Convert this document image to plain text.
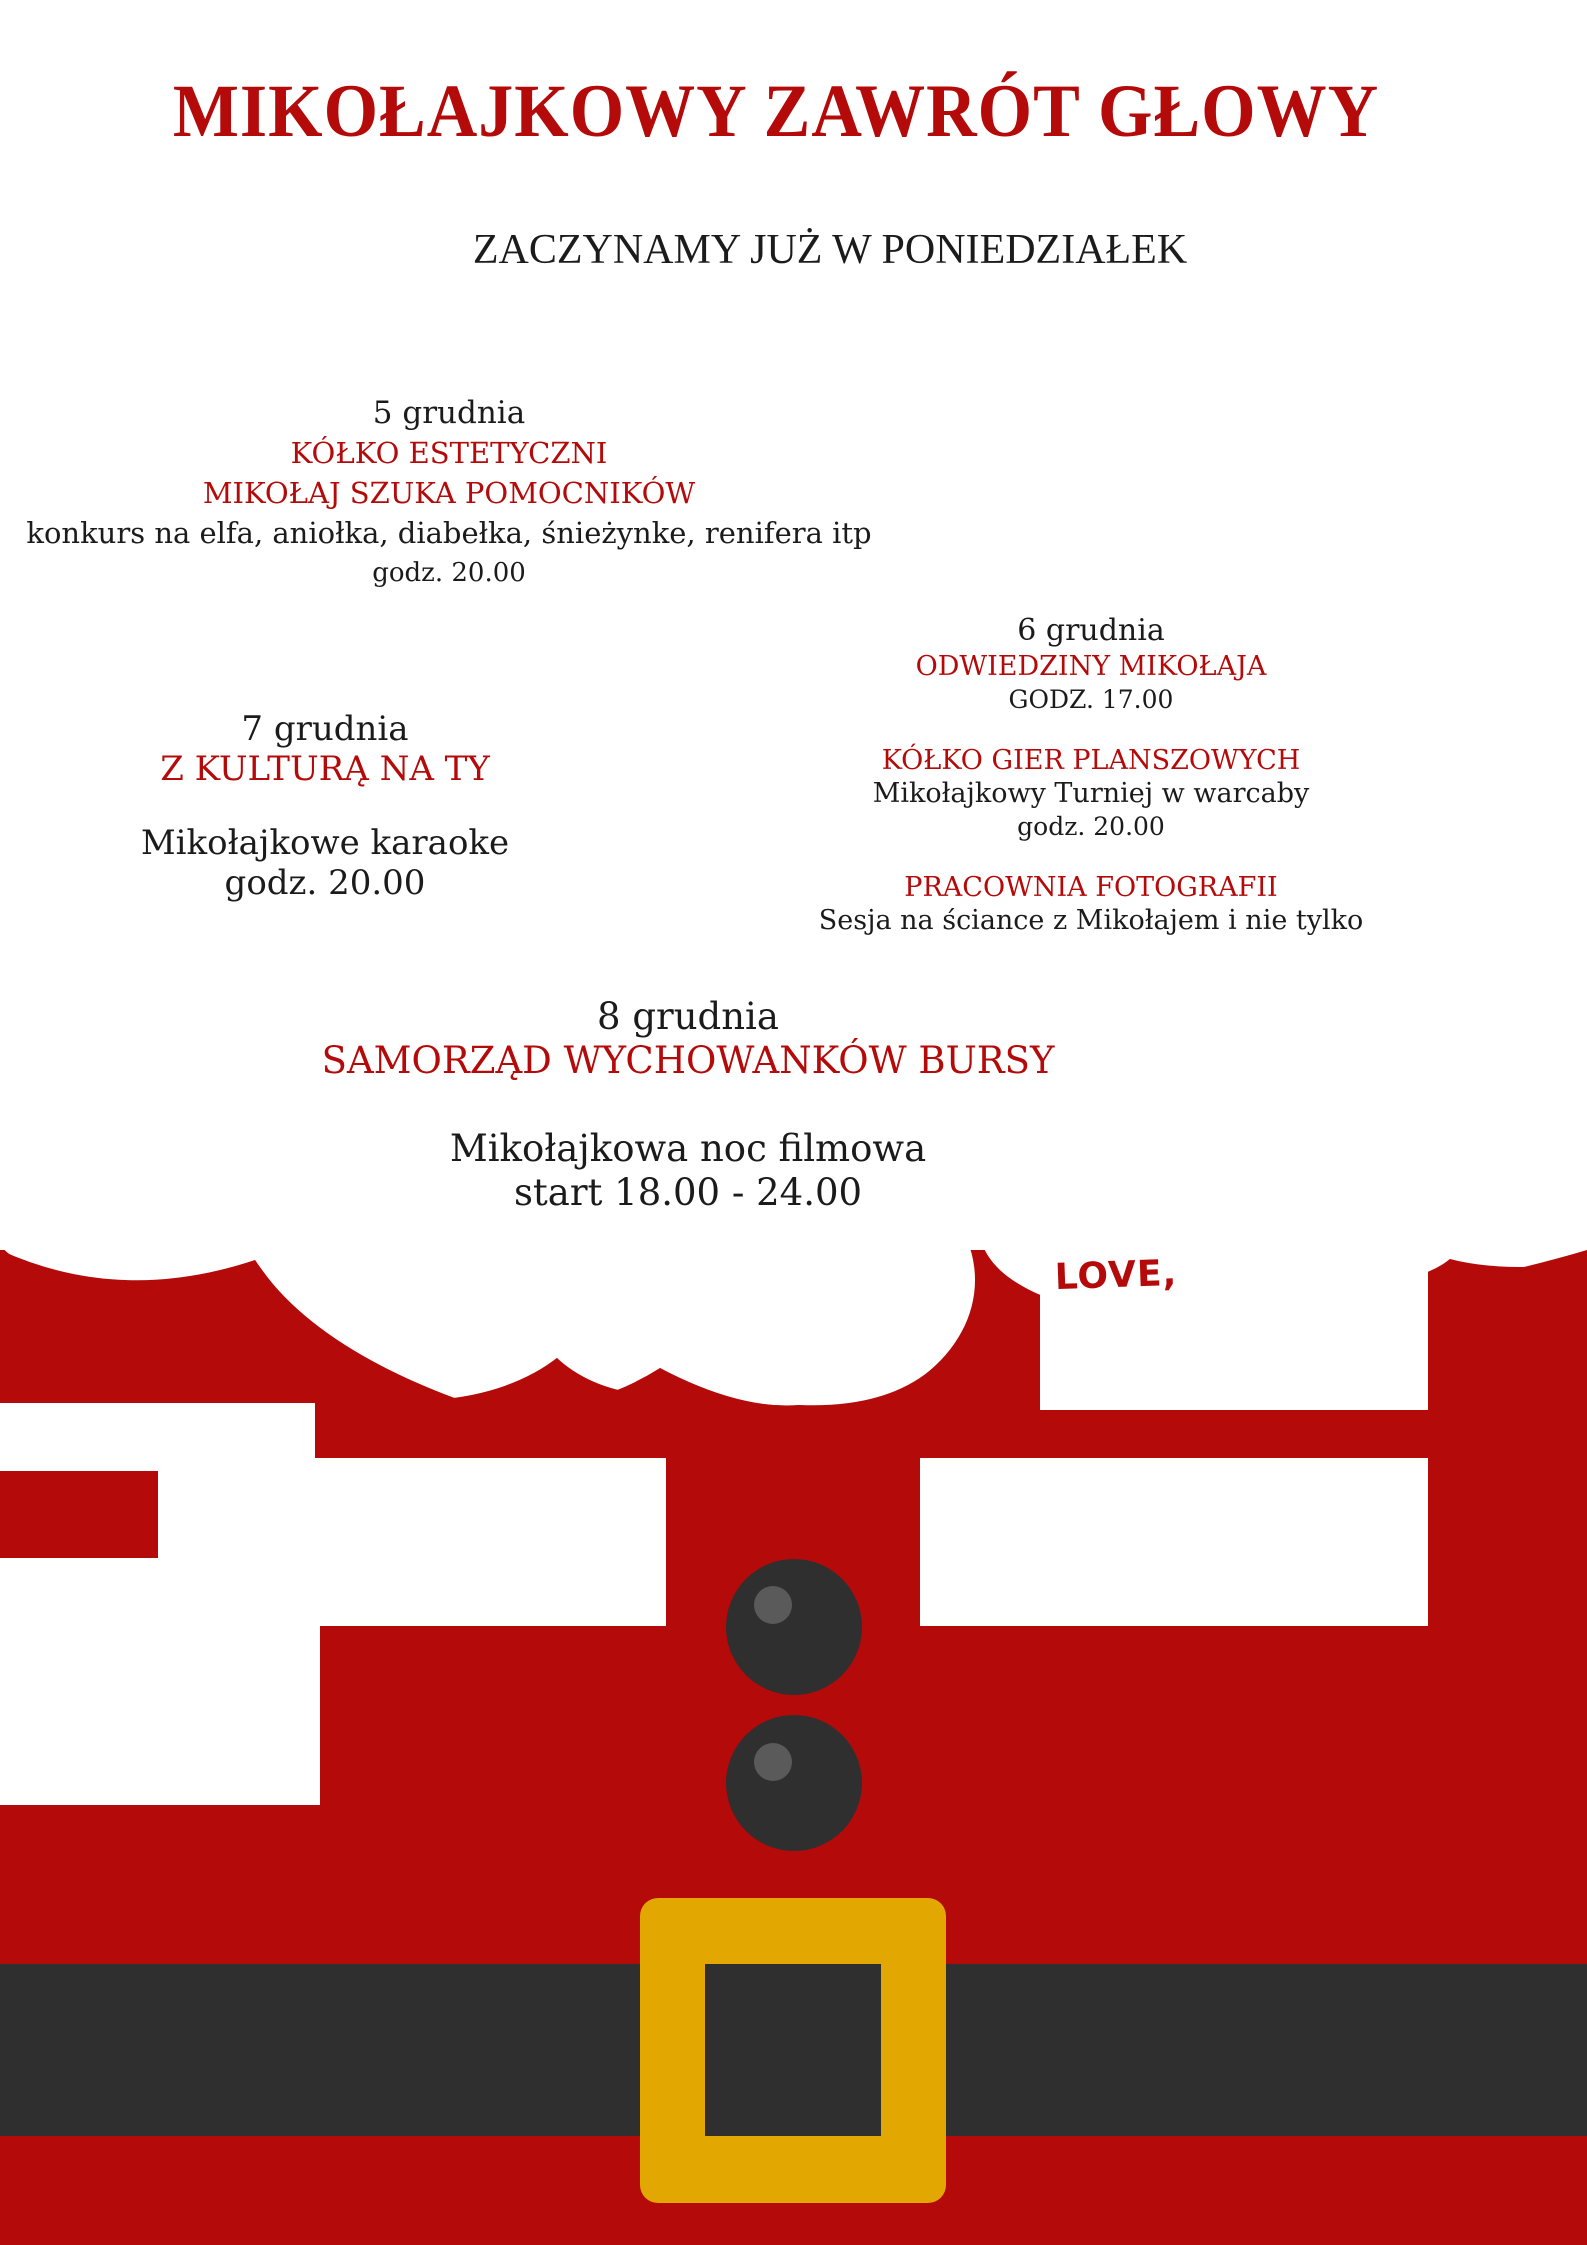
MIKOŁAJKOWY ZAWRÓT GŁOWY
ZACZYNAMY JUŻ W PONIEDZIAŁEK
5 grudnia
KÓŁKO ESTETYCZNI
MIKOŁAJ SZUKA POMOCNIKÓW
konkurs na elfa, aniołka, diabełka, śnieżynke, renifera itp
godz. 20.00
6 grudnia
ODWIEDZINY MIKOŁAJA
GODZ. 17.00
KÓŁKO GIER PLANSZOWYCH
Mikołajkowy Turniej w warcaby
godz. 20.00
PRACOWNIA FOTOGRAFII
Sesja na ściance z Mikołajem i nie tylko
7 grudnia
Z KULTURĄ NA TY
Mikołajkowe karaoke
godz. 20.00
8 grudnia
SAMORZĄD WYCHOWANKÓW BURSY
Mikołajkowa noc filmowa
start 18.00 - 24.00
LOVE,
